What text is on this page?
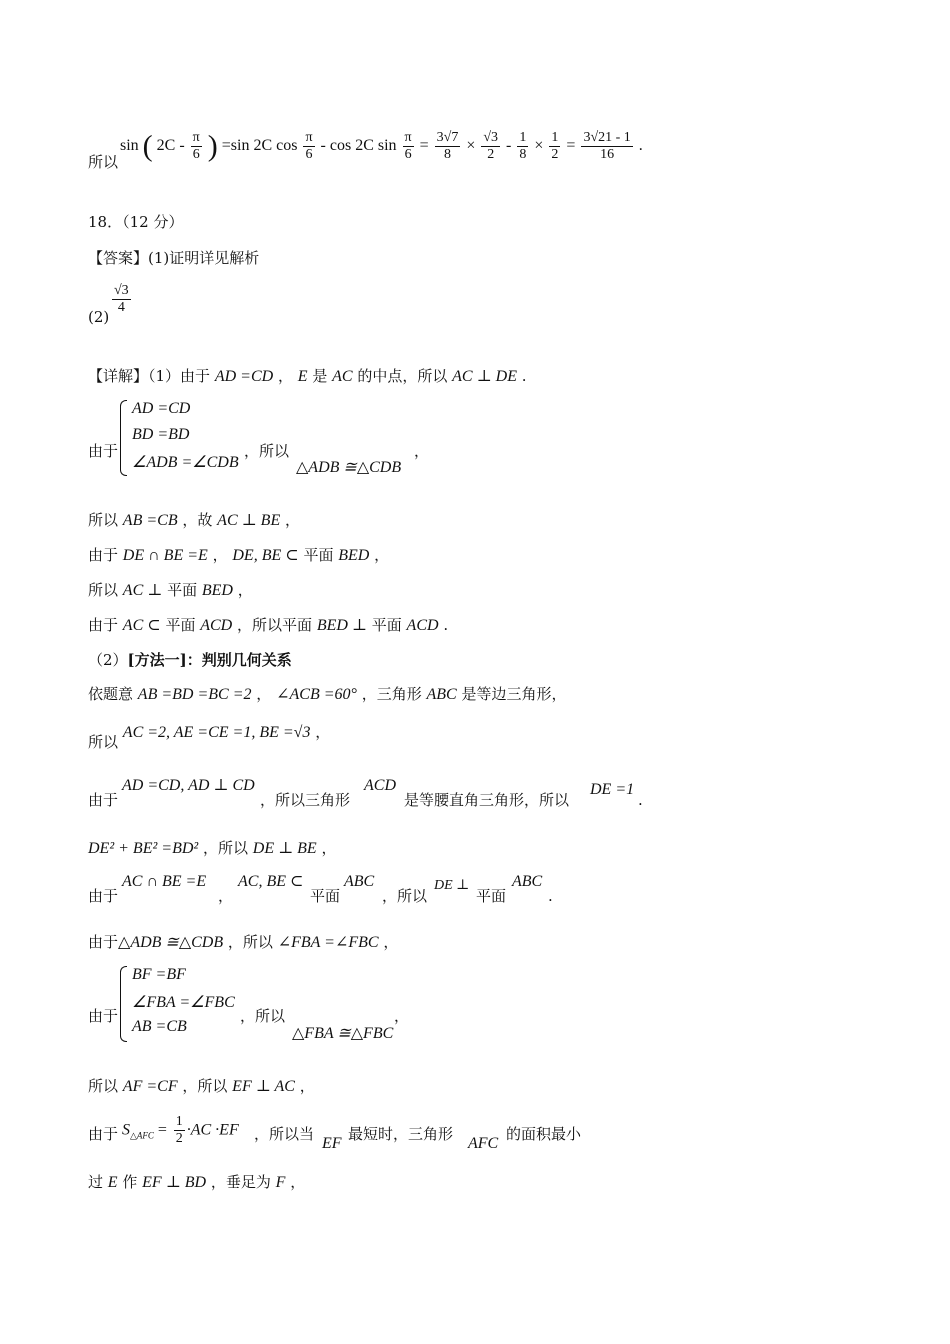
所以
sin ( $2C - \frac{\pi}{6}$ ) =sin 2C $\cos \frac{\pi}{6}$ - cos 2C $\sin \frac{\pi}{6} = \frac{3√7}{8} \times \frac{√3}{2} - \frac{1}{8} \times \frac{1}{2} = \frac{3√21 - 1}{16}$ .
18．（12 分）
【答案】(1)证明详见解析
(2)
$\frac{√3}{4}$
【详解】（1）由于 AD =CD ， E 是 AC 的中点，所以 AC ⊥ DE .
由于
AD =CD
BD =BD
∠ADB =∠CDB
，所以
△ADB ≅△CDB
，
所以 AB =CB ，故 AC ⊥ BE ，
由于 DE ∩ BE =E ， DE, BE ⊂ 平面 BED ，
所以 AC ⊥ 平面 BED ，
由于 AC ⊂ 平面 ACD ，所以平面 BED ⊥ 平面 ACD .
（2）[方法一]：判别几何关系
依题意 AB =BD =BC =2 ， ∠ACB =60° ，三角形 ABC 是等边三角形，
所以 AC =2, AE =CE =1, BE =√3 ，
由于
AD =CD, AD ⊥ CD
，所以三角形
ACD
是等腰直角三角形，所以
DE =1
.
DE² + BE² =BD² ，所以 DE ⊥ BE ，
由于
AC ∩ BE =E
，
AC, BE ⊂
平面
ABC
，所以
DE ⊥
平面
ABC
.
由于△ADB ≅△CDB ，所以 ∠FBA =∠FBC ，
由于
BF =BF
∠FBA =∠FBC
AB =CB
，所以
△FBA ≅△FBC
，
所以 AF =CF ，所以 EF ⊥ AC ，
由于 $S_{\triangle AFC} = \frac{1}{2} \cdot AC \cdot EF$ ，所以当
EF
最短时，三角形
AFC
的面积最小
过 E 作 EF ⊥ BD ，垂足为 F ，
